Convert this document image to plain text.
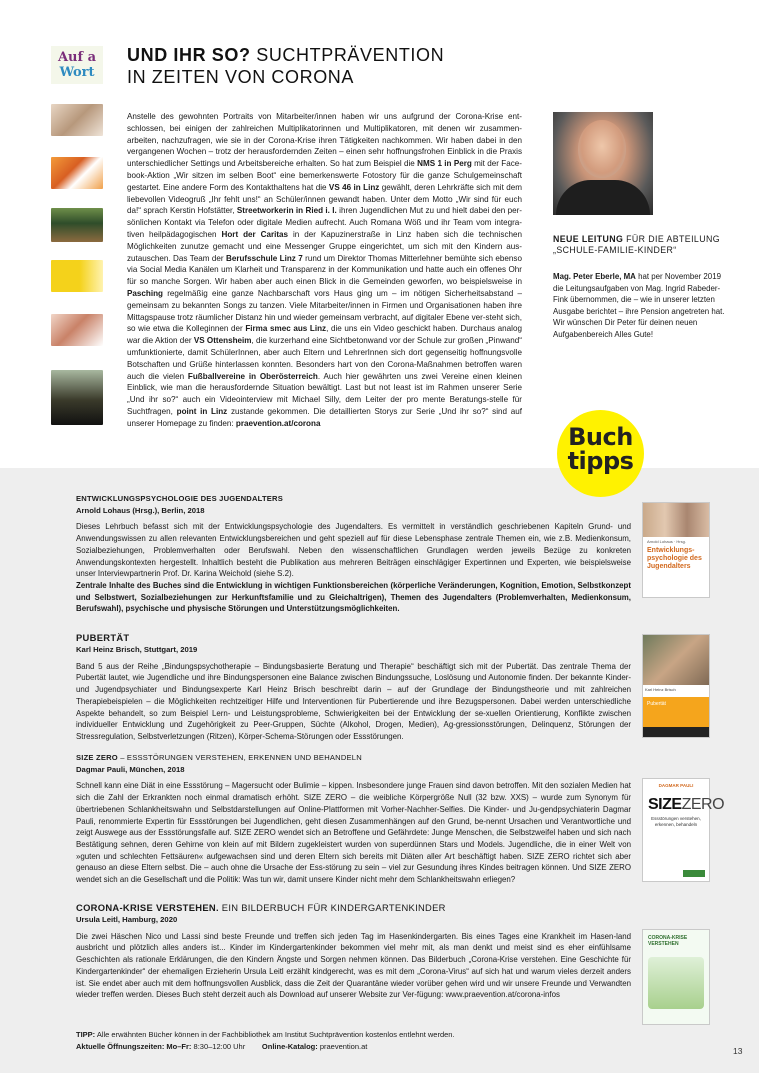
Auf a
Wort
UND IHR SO? SUCHTPRÄVENTION
IN ZEITEN VON CORONA
Anstelle des gewohnten Portraits von Mitarbeiter/innen haben wir uns aufgrund der Corona-Krise ent-schlossen, bei einigen der zahlreichen Multiplikatorinnen und Multiplikatoren, mit denen wir zusammen-arbeiten, nachzufragen, wie sie in der Corona-Krise ihren Tätigkeiten nachkommen. Wir haben dabei in den vergangenen Wochen – trotz der herausfordernden Zeiten – einen sehr hoffnungsfrohen Einblick in die Praxis unterschiedlicher Settings und Arbeitsbereiche erhalten. So hat zum Beispiel die NMS 1 in Perg mit der Face-book-Aktion „Wir sitzen im selben Boot“ eine bemerkenswerte Fotostory für die ganze Schulgemeinschaft gestartet. Eine andere Form des Kontakthaltens hat die VS 46 in Linz gewählt, deren Lehrkräfte sich mit dem liebevollen Videogruß „Ihr fehlt uns!“ an Schüler/innen gewandt haben. Unter dem Motto „Wir sind für euch da!“ sprach Kerstin Hofstätter, Streetworkerin in Ried i. I. ihren Jugendlichen Mut zu und hielt dabei den per-sönlichen Kontakt via Telefon oder digitale Medien aufrecht. Auch Romana Wöß und ihr Team vom integra-tiven heilpädagogischen Hort der Caritas in der Kapuzinerstraße in Linz haben sich die technischen Möglichkeiten zunutze gemacht und eine Messenger Gruppe eingerichtet, um sich mit den Kindern aus-zutauschen. Das Team der Berufsschule Linz 7 rund um Direktor Thomas Mitterlehner bemühte sich ebenso via Social Media Kanälen um Klarheit und Transparenz in der Kommunikation und hatte auch ein offenes Ohr für so manche Sorgen. Wir haben aber auch einen Blick in die Gemeinden geworfen, wo beispielsweise in Pasching regelmäßig eine ganze Nachbarschaft vors Haus ging um – im nötigen Sicherheitsabstand – gemeinsam zu bekannten Songs zu tanzen. Viele Mitarbeiter/innen in Firmen und Organisationen haben ihre Mittagspause trotz räumlicher Distanz hin und wieder gemeinsam verbracht, auf digitaler Ebene ver-steht sich, so wie etwa die Kolleginnen der Firma smec aus Linz, die uns ein Video geschickt haben. Durchaus analog war die Aktion der VS Ottensheim, die kurzerhand eine Sichtbetonwand vor der Schule zur großen „Pinwand“ umfunktionierte, damit SchülerInnen, aber auch Eltern und LehrerInnen sich dort gegenseitig hoffnungsvolle Botschaften und Grüße hinterlassen konnten. Besonders hart von den Corona-Maßnahmen betroffen waren auch die vielen Fußballvereine in Oberösterreich. Auch hier gewährten uns zwei Vereine einen kleinen Einblick, wie man die herausfordernde Situation bewältigt. Last but not least ist im Rahmen unserer Serie „Und ihr so?“ auch ein Videointerview mit Michael Silly, dem Leiter der pro mente Beratungs-stelle für Suchtfragen, point in Linz zustande gekommen. Die detaillierten Storys zur Serie „Und ihr so?“ sind auf unserer Homepage zu finden: praevention.at/corona
NEUE LEITUNG FÜR DIE ABTEILUNG
„SCHULE-FAMILIE-KINDER“
Mag. Peter Eberle, MA hat per November 2019 die Leitungsaufgaben von Mag. Ingrid Rabeder-Fink übernommen, die – wie in unserer letzten Ausgabe berichtet – ihre Pension angetreten hat. Wir wünschen Dir Peter für deinen neuen Aufgabenbereich Alles Gute!
Buch
tipps
ENTWICKLUNGSPSYCHOLOGIE DES JUGENDALTERS
Arnold Lohaus (Hrsg.), Berlin, 2018

Dieses Lehrbuch befasst sich mit der Entwicklungspsychologie des Jugendalters. Es vermittelt in verständlich geschriebenen Kapiteln Grund- und Anwendungswissen zu allen relevanten Entwicklungsbereichen und geht speziell auf für diese Lebensphase zentrale Themen ein, wie z.B. Medienkonsum, Sozialbeziehungen, Problemverhalten oder Berufswahl. Neben den wissenschaftlichen Grundlagen werden jeweils Bezüge zu konkreten Anwendungskontexten hergestellt. Inhaltlich besteht die Publikation aus mehreren Beiträgen einschlägiger Expertinnen und Experten, wie beispielsweise unser Interviewpartnerin Prof. Dr. Karina Weichold (siehe S.2).

Zentrale Inhalte des Buches sind die Entwicklung in wichtigen Funktionsbereichen (körperliche Veränderungen, Kognition, Emotion, Selbstkonzept und Selbstwert, Sozialbeziehungen zur Herkunftsfamilie und zu Gleichaltrigen), Themen des Jugendalters (Problemverhalten, Medienkonsum, Berufswahl), psychische und physische Störungen und Unterstützungsmöglichkeiten.

PUBERTÄT
Karl Heinz Brisch, Stuttgart, 2019

Band 5 aus der Reihe „Bindungspsychotherapie – Bindungsbasierte Beratung und Therapie“ beschäftigt sich mit der Pubertät. Das zentrale Thema der Pubertät lautet, wie Jugendliche und ihre Bindungspersonen eine Balance zwischen Bindungssuche, Loslösung und Autonomie finden. Der bekannte Kinder- und Jugendpsychiater und Bindungsexperte Karl Heinz Brisch beschreibt darin – auf der Grundlage der Bindungstheorie und mit zahlreichen Therapiebeispielen – die Möglichkeiten rechtzeitiger Hilfe und Interventionen für Pubertierende und ihre Bezugspersonen. Dabei werden unterschiedliche Aspekte behandelt, so zum Beispiel Lern- und Leistungsprobleme, Schwierigkeiten bei der Entwicklung der se-xuellen Orientierung, Konflikte zwischen individueller Entwicklung und Zugehörigkeit zu Peer-Gruppen, Süchte (Alkohol, Drogen, Medien), Ag-gressionsstörungen, Delinquenz, Störungen der Stressregulation, Selbstverletzungen (Ritzen), Körper-Schema-Störungen oder Essstörungen.

SIZE ZERO – ESSSTÖRUNGEN VERSTEHEN, ERKENNEN UND BEHANDELN
Dagmar Pauli, München, 2018

Schnell kann eine Diät in eine Essstörung – Magersucht oder Bulimie – kippen. Insbesondere junge Frauen sind davon betroffen. Mit den sozialen Medien hat sich die Zahl der Erkrankten noch einmal dramatisch erhöht. SIZE ZERO – die weibliche Körpergröße Null (32 bzw. XXS) – wurde zum Synonym für übertriebenen Schlankheitswahn und Selbstdarstellungen auf Online-Plattformen mit Vorher-Nachher-Selfies. Die Kinder- und Ju-gendpsychiaterin Dagmar Pauli, renommierte Expertin für Essstörungen bei Jugendlichen, geht diesen Zusammenhängen auf den Grund, be-nennt Ursachen und Verantwortliche und zeigt Auswege aus der Essstörungsfalle auf. SIZE ZERO wendet sich an Betroffene und Gefährdete: Junge Menschen, die Selbstzweifel haben und sich nach Bestätigung sehnen, deren Gehirne von klein auf mit Bildern zugekleistert wurden von superdünnen Stars und Models. Jugendliche, die in einer Welt von »guten und schlechten Fettsäuren« aufgewachsen sind und deren Eltern sich bereits mit Diäten aller Art beschäftigt haben. SIZE ZERO richtet sich aber genauso an diese Eltern selbst. Die – auch ohne die Ursache der Ess-störung zu sein – viel zur Gesundung ihres Kindes beitragen können. Und SIZE ZERO wendet sich an die Gesellschaft und die Politik: Was tun wir, damit unsere Kinder nicht mehr dem Schlankheitswahn erliegen?

CORONA-KRISE VERSTEHEN. EIN BILDERBUCH FÜR KINDERGARTENKINDER
Ursula Leitl, Hamburg, 2020

Die zwei Häschen Nico und Lassi sind beste Freunde und treffen sich jeden Tag im Hasenkindergarten. Bis eines Tages eine Krankheit im Hasen-land ausbricht und plötzlich alles anders ist... Kinder im Kindergartenkinder bekommen viel mehr mit, als man denkt und meist sind es eher einfühlsame Geschichten als rationale Erklärungen, die den Kindern Ängste und Sorgen nehmen können. Das Bilderbuch „Corona-Krise verstehen. Eine Geschichte für Kindergartenkinder“ der ehemaligen Erzieherin Ursula Leitl erzählt kindgerecht, was es mit dem „Corona-Virus“ auf sich hat und warum vieles derzeit anders ist. Sie endet aber auch mit dem hoffnungsvollen Ausblick, dass die Zeit der Quarantäne wieder vorüber gehen wird und wir unsere Freunde und Verwandten wieder treffen werden. Dieses Buch steht derzeit auch als Download auf unserer Website zur Ver-fügung: www.praevention.at/corona-infos

Arnold Lohaus · Hrsg.
Entwicklungs-psychologie des Jugendalters
Karl Heinz Brisch
Pubertät
DAGMAR PAULI
SIZEZERO
Essstörungen verstehen, erkennen, behandeln
CORONA-KRISE VERSTEHEN
TIPP: Alle erwähnten Bücher können in der Fachbibliothek am Institut Suchtprävention kostenlos entlehnt werden.
Aktuelle Öffnungszeiten: Mo–Fr: 8:30–12:00 Uhr Online-Katalog: praevention.at	13
